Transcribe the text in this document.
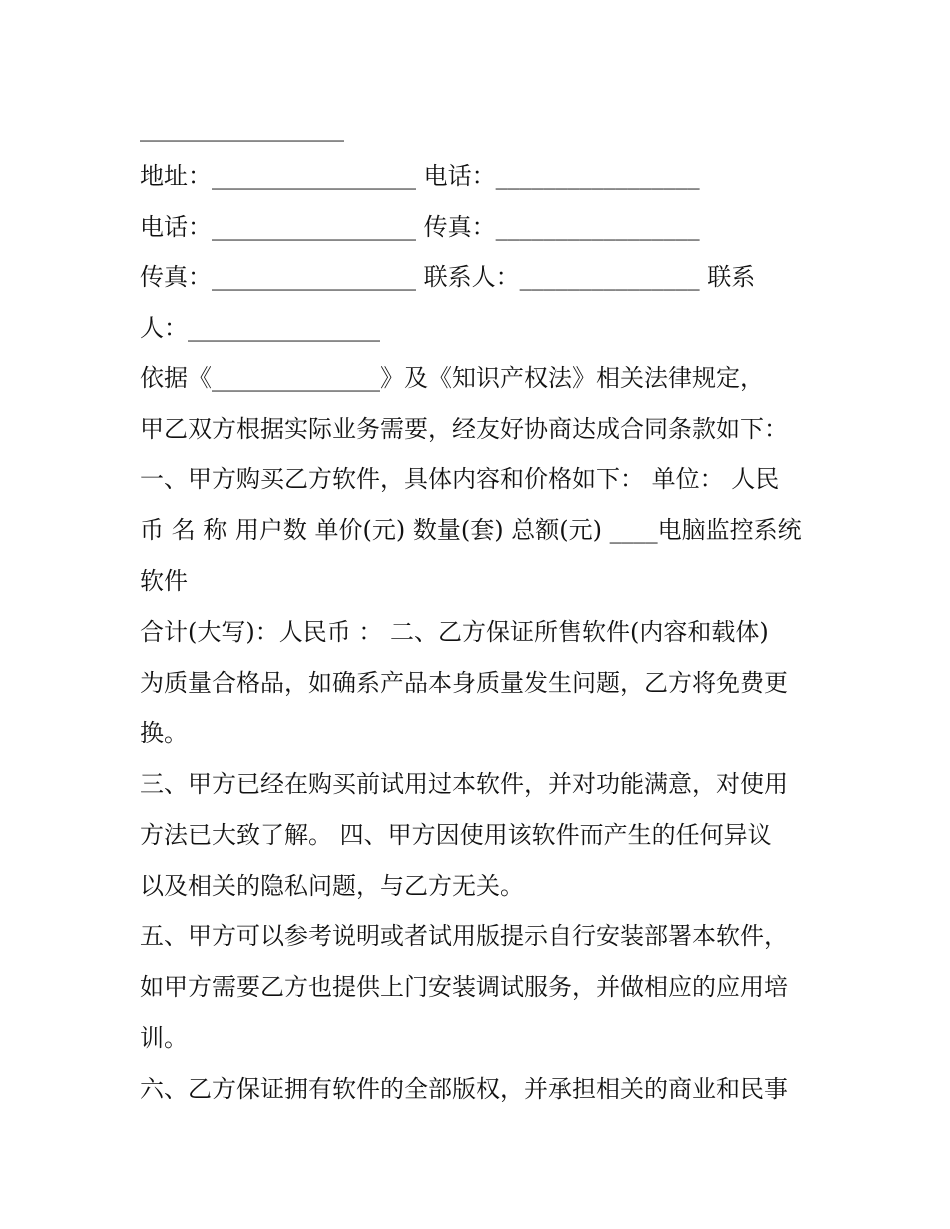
_________________
地址：_________________ 电话：_________________
电话：_________________ 传真：_________________
传真：_________________ 联系人：_______________ 联系
人：________________
依据《______________》及《知识产权法》相关法律规定，
甲乙双方根据实际业务需要，经友好协商达成合同条款如下：
一、甲方购买乙方软件，具体内容和价格如下： 单位： 人民
币 名 称 用户数 单价(元) 数量(套) 总额(元) ____电脑监控系统
软件
合计(大写)：人民币 ： 二、乙方保证所售软件(内容和载体)
为质量合格品，如确系产品本身质量发生问题，乙方将免费更
换。
三、甲方已经在购买前试用过本软件，并对功能满意，对使用
方法已大致了解。 四、甲方因使用该软件而产生的任何异议
以及相关的隐私问题，与乙方无关。
五、甲方可以参考说明或者试用版提示自行安装部署本软件，
如甲方需要乙方也提供上门安装调试服务，并做相应的应用培
训。
六、乙方保证拥有软件的全部版权，并承担相关的商业和民事
